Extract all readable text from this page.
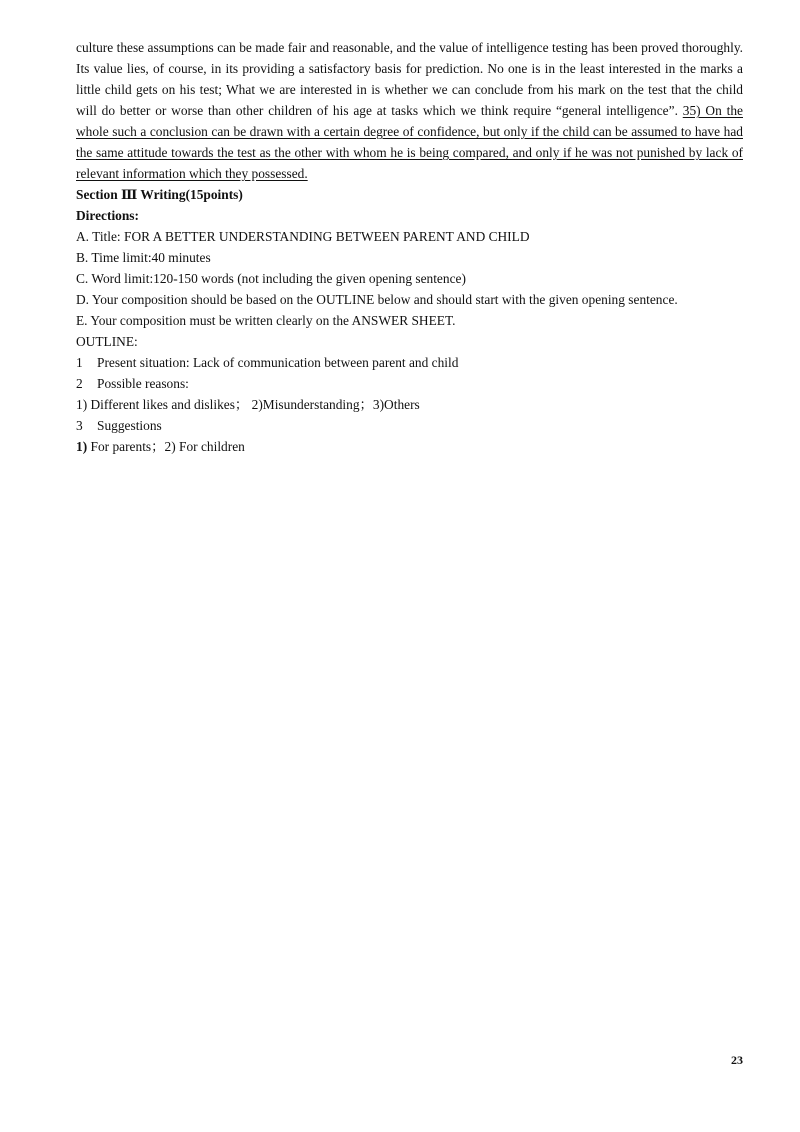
culture these assumptions can be made fair and reasonable, and the value of intelligence testing has been proved thoroughly. Its value lies, of course, in its providing a satisfactory basis for prediction. No one is in the least interested in the marks a little child gets on his test; What we are interested in is whether we can conclude from his mark on the test that the child will do better or worse than other children of his age at tasks which we think require “general intelligence”. 35) On the whole such a conclusion can be drawn with a certain degree of confidence, but only if the child can be assumed to have had the same attitude towards the test as the other with whom he is being compared, and only if he was not punished by lack of relevant information which they possessed.

Section Ⅲ Writing(15points)

Directions:

A. Title: FOR A BETTER UNDERSTANDING BETWEEN PARENT AND CHILD

B. Time limit:40 minutes

C. Word limit:120-150 words (not including the given opening sentence)

D. Your composition should be based on the OUTLINE below and should start with the given opening sentence.

E. Your composition must be written clearly on the ANSWER SHEET.

OUTLINE:

1 Present situation: Lack of communication between parent and child

2 Possible reasons:

1) Different likes and dislikes； 2)Misunderstanding；3)Others

3 Suggestions

1) For parents；2) For children

23
